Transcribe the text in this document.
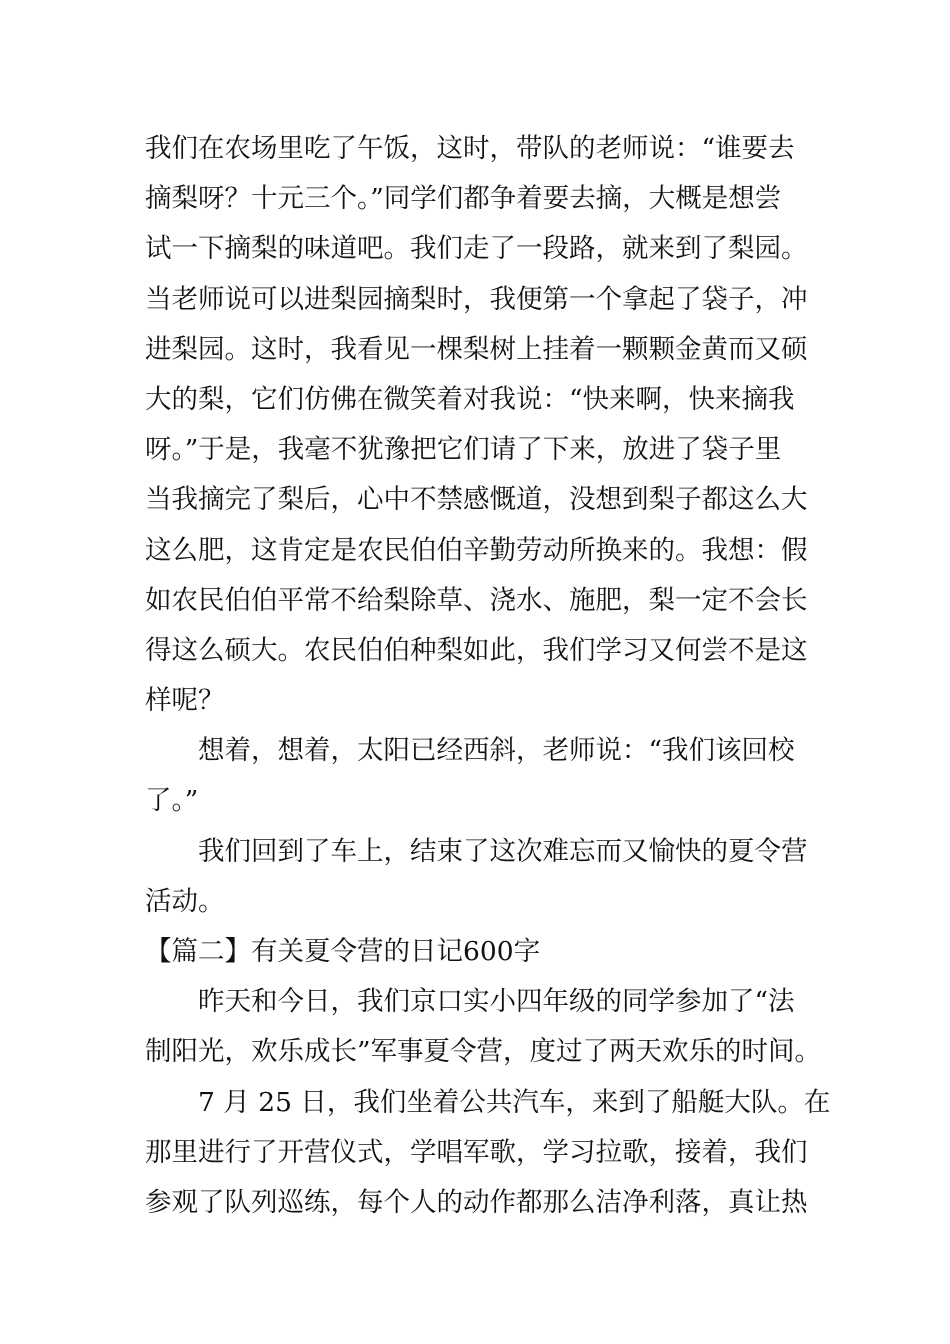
我们在农场里吃了午饭，这时，带队的老师说：“谁要去
摘梨呀？十元三个。”同学们都争着要去摘，大概是想尝
试一下摘梨的味道吧。我们走了一段路，就来到了梨园。
当老师说可以进梨园摘梨时，我便第一个拿起了袋子，冲
进梨园。这时，我看见一棵梨树上挂着一颗颗金黄而又硕
大的梨，它们仿佛在微笑着对我说：“快来啊，快来摘我
呀。”于是，我毫不犹豫把它们请了下来，放进了袋子里
当我摘完了梨后，心中不禁感慨道，没想到梨子都这么大
这么肥，这肯定是农民伯伯辛勤劳动所换来的。我想：假
如农民伯伯平常不给梨除草、浇水、施肥，梨一定不会长
得这么硕大。农民伯伯种梨如此，我们学习又何尝不是这
样呢？
想着，想着，太阳已经西斜，老师说：“我们该回校
了。”
我们回到了车上，结束了这次难忘而又愉快的夏令营
活动。
【篇二】有关夏令营的日记600字
昨天和今日，我们京口实小四年级的同学参加了“法
制阳光，欢乐成长”军事夏令营，度过了两天欢乐的时间。
7 月 25 日，我们坐着公共汽车，来到了船艇大队。在
那里进行了开营仪式，学唱军歌，学习拉歌，接着，我们
参观了队列巡练，每个人的动作都那么洁净利落，真让热
